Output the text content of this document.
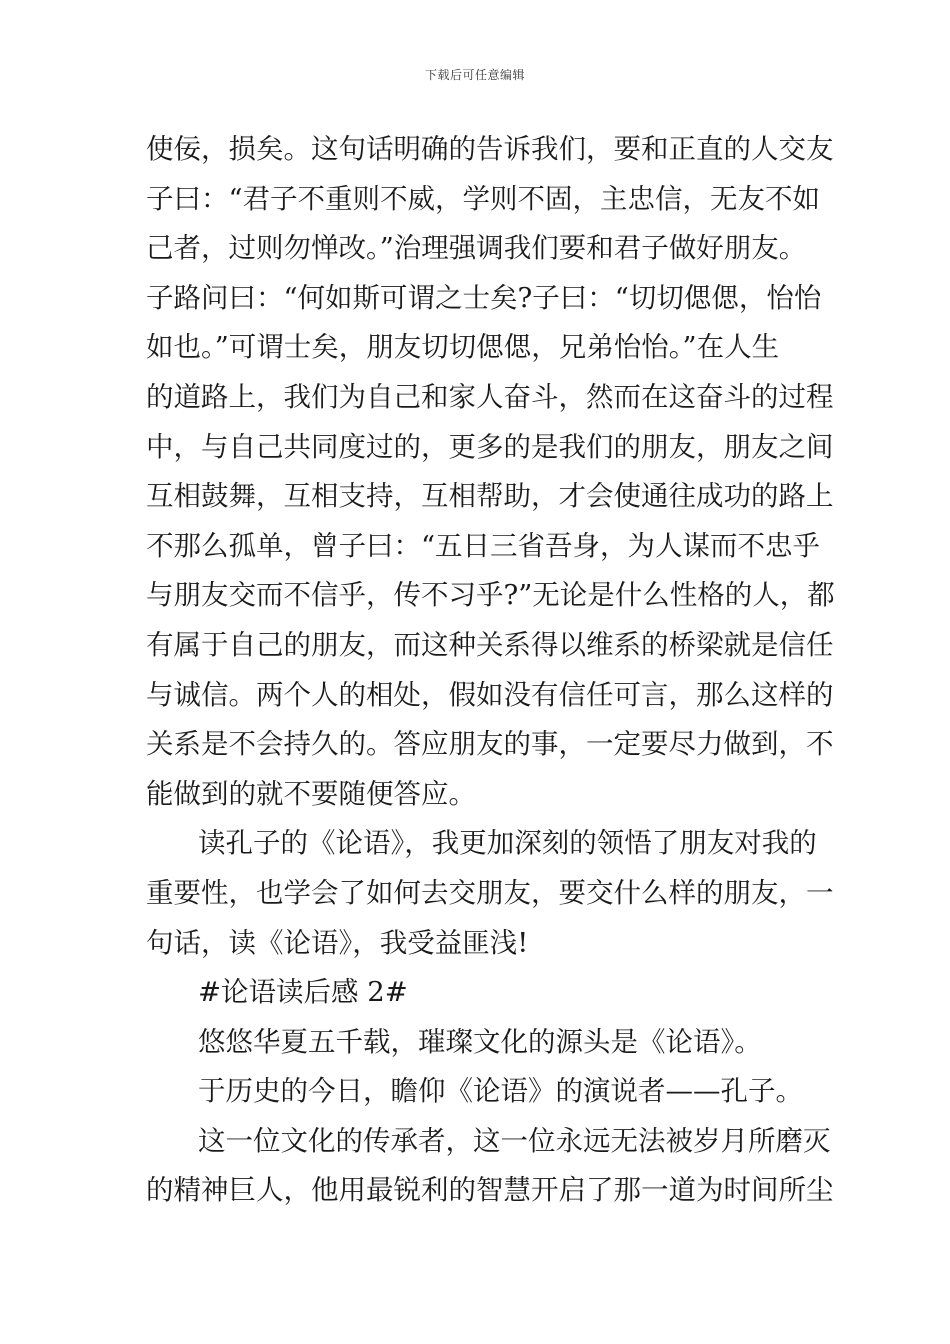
下载后可任意编辑
使佞，损矣。这句话明确的告诉我们，要和正直的人交友
子曰：“君子不重则不威，学则不固，主忠信，无友不如
己者，过则勿惮改。”治理强调我们要和君子做好朋友。
子路问曰：“何如斯可谓之士矣?子曰：“切切偲偲，怡怡
如也。”可谓士矣，朋友切切偲偲，兄弟怡怡。”在人生
的道路上，我们为自己和家人奋斗，然而在这奋斗的过程
中，与自己共同度过的，更多的是我们的朋友，朋友之间
互相鼓舞，互相支持，互相帮助，才会使通往成功的路上
不那么孤单，曾子曰：“五日三省吾身，为人谋而不忠乎
与朋友交而不信乎，传不习乎?”无论是什么性格的人，都
有属于自己的朋友，而这种关系得以维系的桥梁就是信任
与诚信。两个人的相处，假如没有信任可言，那么这样的
关系是不会持久的。答应朋友的事，一定要尽力做到，不
能做到的就不要随便答应。
读孔子的《论语》，我更加深刻的领悟了朋友对我的
重要性，也学会了如何去交朋友，要交什么样的朋友，一
句话，读《论语》，我受益匪浅!
#论语读后感 2#
悠悠华夏五千载，璀璨文化的源头是《论语》。
于历史的今日，瞻仰《论语》的演说者——孔子。
这一位文化的传承者，这一位永远无法被岁月所磨灭
的精神巨人，他用最锐利的智慧开启了那一道为时间所尘
